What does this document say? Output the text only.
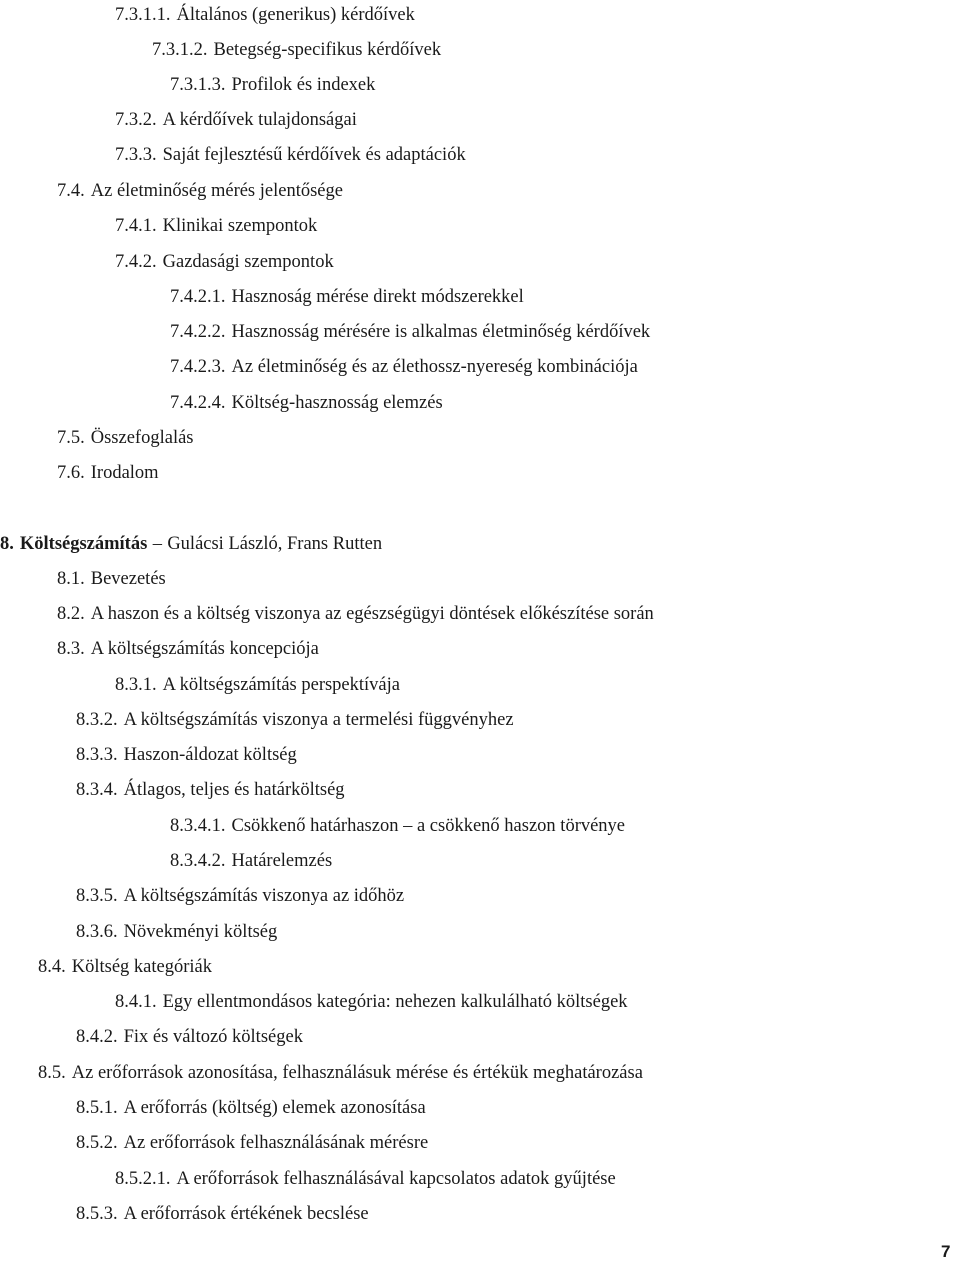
7.3.1.1. Általános (generikus) kérdőívek
7.3.1.2. Betegség-specifikus kérdőívek
7.3.1.3. Profilok és indexek
7.3.2. A kérdőívek tulajdonságai
7.3.3. Saját fejlesztésű kérdőívek és adaptációk
7.4. Az életminőség mérés jelentősége
7.4.1. Klinikai szempontok
7.4.2. Gazdasági szempontok
7.4.2.1. Hasznoság mérése direkt módszerekkel
7.4.2.2. Hasznosság mérésére is alkalmas életminőség kérdőívek
7.4.2.3. Az életminőség és az élethossz-nyereség kombinációja
7.4.2.4. Költség-hasznosság elemzés
7.5. Összefoglalás
7.6. Irodalom
8. Költségszámítás – Gulácsi László, Frans Rutten
8.1. Bevezetés
8.2. A haszon és a költség viszonya az egészségügyi döntések előkészítése során
8.3. A költségszámítás koncepciója
8.3.1. A költségszámítás perspektívája
8.3.2. A költségszámítás viszonya a termelési függvényhez
8.3.3. Haszon-áldozat költség
8.3.4. Átlagos, teljes és határköltség
8.3.4.1. Csökkenő határhaszon – a csökkenő haszon törvénye
8.3.4.2. Határelemzés
8.3.5. A költségszámítás viszonya az időhöz
8.3.6. Növekményi költség
8.4. Költség kategóriák
8.4.1. Egy ellentmondásos kategória: nehezen kalkulálható költségek
8.4.2. Fix és változó költségek
8.5. Az erőforrások azonosítása, felhasználásuk mérése és értékük meghatározása
8.5.1. A erőforrás (költség) elemek azonosítása
8.5.2. Az erőforrások felhasználásának mérésre
8.5.2.1. A erőforrások felhasználásával kapcsolatos adatok gyűjtése
8.5.3. A erőforrások értékének becslése
7
